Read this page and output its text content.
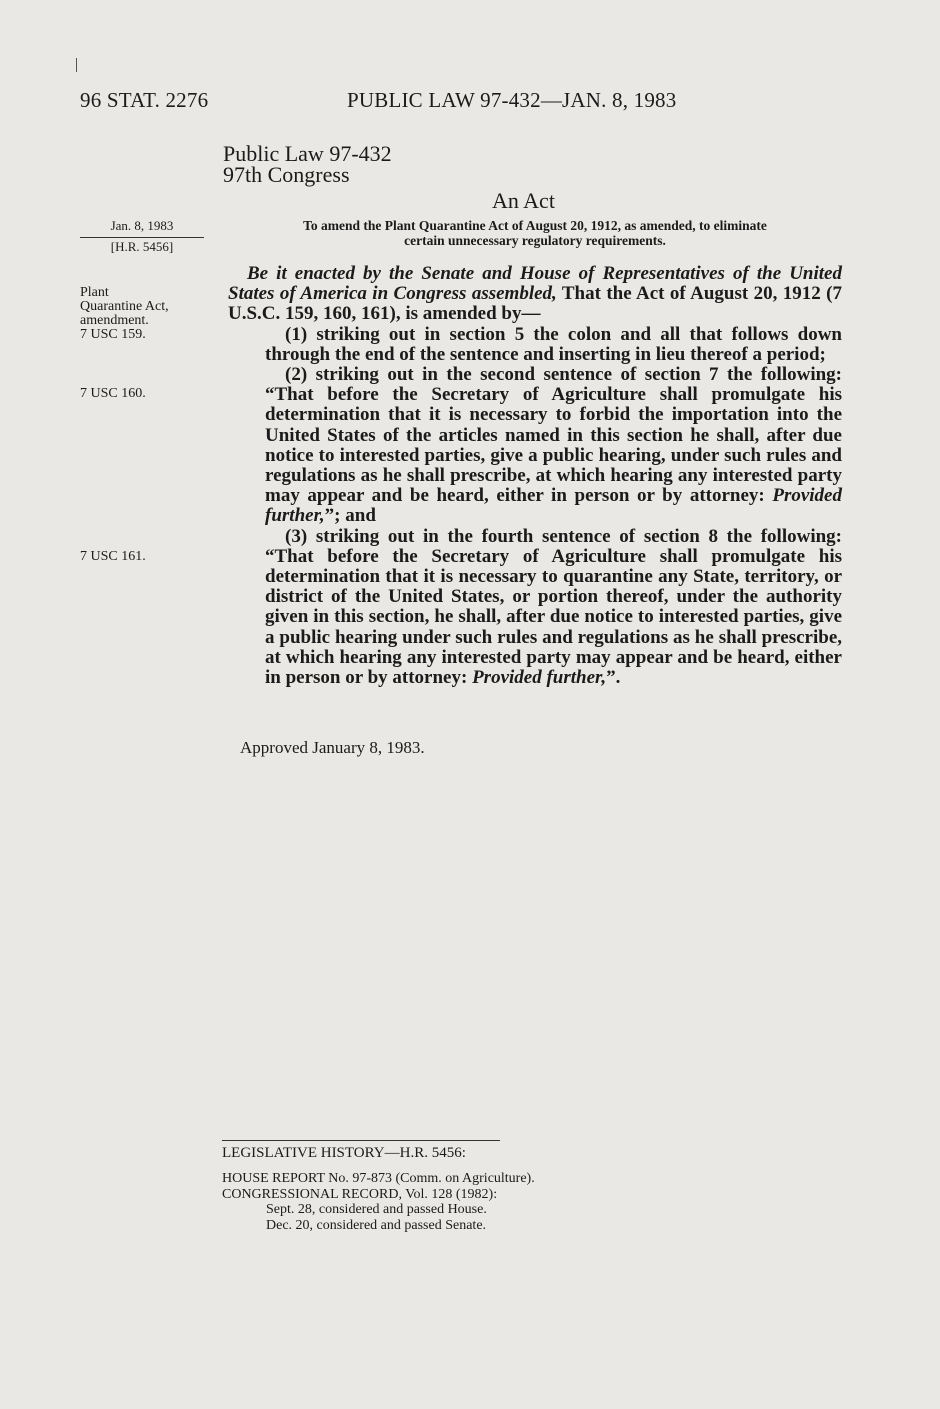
96 STAT. 2276	PUBLIC LAW 97-432—JAN. 8, 1983
Public Law 97-432
97th Congress
An Act
Jan. 8, 1983
[H.R. 5456]
To amend the Plant Quarantine Act of August 20, 1912, as amended, to eliminate
certain unnecessary regulatory requirements.
Plant
Quarantine Act,
amendment.
7 USC 159.
7 USC 160.
7 USC 161.

Be it enacted by the Senate and House of Representatives of the United States of America in Congress assembled, That the Act of August 20, 1912 (7 U.S.C. 159, 160, 161), is amended by—

(1) striking out in section 5 the colon and all that follows down through the end of the sentence and inserting in lieu thereof a period;

(2) striking out in the second sentence of section 7 the following: “That before the Secretary of Agriculture shall promulgate his determination that it is necessary to forbid the importation into the United States of the articles named in this section he shall, after due notice to interested parties, give a public hearing, under such rules and regulations as he shall prescribe, at which hearing any interested party may appear and be heard, either in person or by attorney: Provided further,”; and

(3) striking out in the fourth sentence of section 8 the following: “That before the Secretary of Agriculture shall promulgate his determination that it is necessary to quarantine any State, territory, or district of the United States, or portion thereof, under the authority given in this section, he shall, after due notice to interested parties, give a public hearing under such rules and regulations as he shall prescribe, at which hearing any interested party may appear and be heard, either in person or by attorney: Provided further,”.

Approved January 8, 1983.
LEGISLATIVE HISTORY—H.R. 5456:
HOUSE REPORT No. 97-873 (Comm. on Agriculture).
CONGRESSIONAL RECORD, Vol. 128 (1982):
Sept. 28, considered and passed House.
Dec. 20, considered and passed Senate.
